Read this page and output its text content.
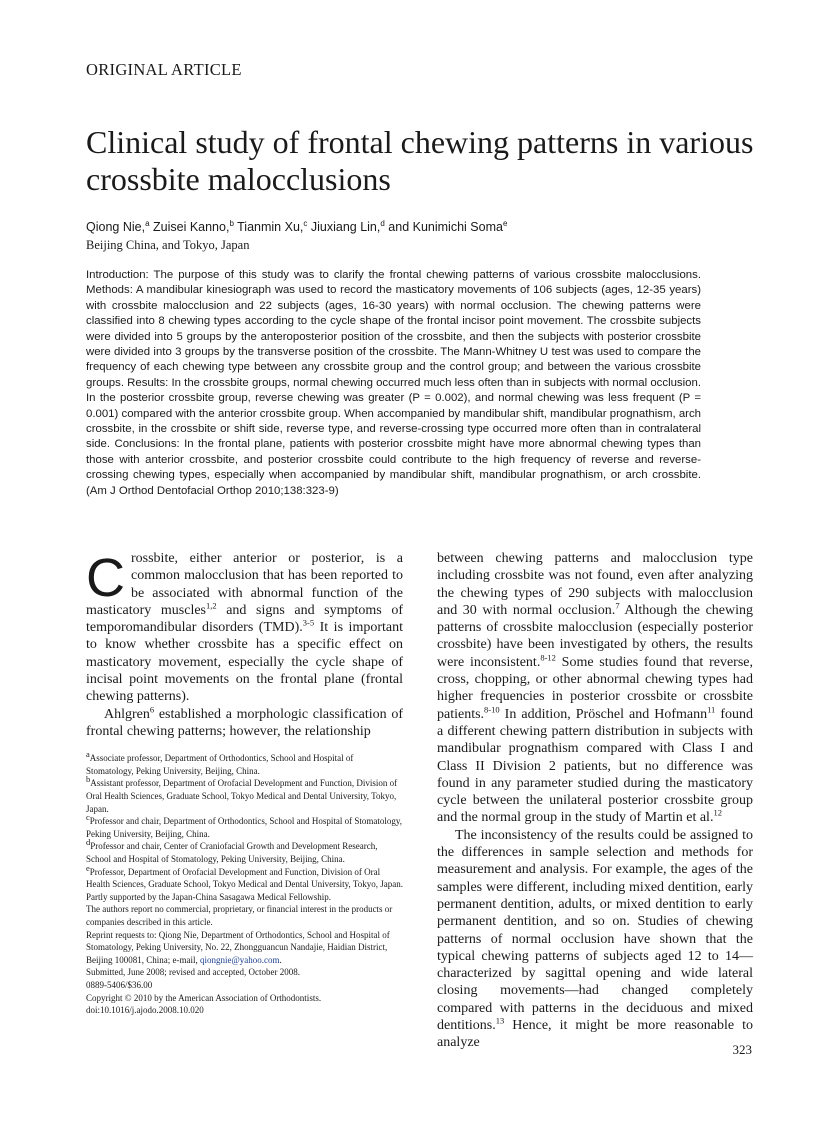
ORIGINAL ARTICLE
Clinical study of frontal chewing patterns in various crossbite malocclusions
Qiong Nie,$^a$ Zuisei Kanno,$^b$ Tianmin Xu,$^c$ Jiuxiang Lin,$^d$ and Kunimichi Soma$^e$
Beijing China, and Tokyo, Japan

Introduction: The purpose of this study was to clarify the frontal chewing patterns of various crossbite malocclusions. Methods: A mandibular kinesiograph was used to record the masticatory movements of 106 subjects (ages, 12-35 years) with crossbite malocclusion and 22 subjects (ages, 16-30 years) with normal occlusion. The chewing patterns were classified into 8 chewing types according to the cycle shape of the frontal incisor point movement. The crossbite subjects were divided into 5 groups by the anteroposterior position of the crossbite, and then the subjects with posterior crossbite were divided into 3 groups by the transverse position of the crossbite. The Mann-Whitney U test was used to compare the frequency of each chewing type between any crossbite group and the control group; and between the various crossbite groups. Results: In the crossbite groups, normal chewing occurred much less often than in subjects with normal occlusion. In the posterior crossbite group, reverse chewing was greater (P = 0.002), and normal chewing was less frequent (P = 0.001) compared with the anterior crossbite group. When accompanied by mandibular shift, mandibular prognathism, arch crossbite, in the crossbite or shift side, reverse type, and reverse-crossing type occurred more often than in contralateral side. Conclusions: In the frontal plane, patients with posterior crossbite might have more abnormal chewing types than those with anterior crossbite, and posterior crossbite could contribute to the high frequency of reverse and reverse-crossing chewing types, especially when accompanied by mandibular shift, mandibular prognathism, or arch crossbite. (Am J Orthod Dentofacial Orthop 2010;138:323-9)

Crossbite, either anterior or posterior, is a common malocclusion that has been reported to be associated with abnormal function of the masticatory muscles$^{1,2}$ and signs and symptoms of temporomandibular disorders (TMD).$^{3-5}$ It is important to know whether crossbite has a specific effect on masticatory movement, especially the cycle shape of incisal point movements on the frontal plane (frontal chewing patterns).

Ahlgren$^6$ established a morphologic classification of frontal chewing patterns; however, the relationship

$^a$Associate professor, Department of Orthodontics, School and Hospital of Stomatology, Peking University, Beijing, China.
$^b$Assistant professor, Department of Orofacial Development and Function, Division of Oral Health Sciences, Graduate School, Tokyo Medical and Dental University, Tokyo, Japan.
$^c$Professor and chair, Department of Orthodontics, School and Hospital of Stomatology, Peking University, Beijing, China.
$^d$Professor and chair, Center of Craniofacial Growth and Development Research, School and Hospital of Stomatology, Peking University, Beijing, China.
$^e$Professor, Department of Orofacial Development and Function, Division of Oral Health Sciences, Graduate School, Tokyo Medical and Dental University, Tokyo, Japan.
Partly supported by the Japan-China Sasagawa Medical Fellowship.
The authors report no commercial, proprietary, or financial interest in the products or companies described in this article.
Reprint requests to: Qiong Nie, Department of Orthodontics, School and Hospital of Stomatology, Peking University, No. 22, Zhongguancun Nandajie, Haidian District, Beijing 100081, China; e-mail, qiongnie@yahoo.com.
Submitted, June 2008; revised and accepted, October 2008.
0889-5406/$36.00
Copyright © 2010 by the American Association of Orthodontists.
doi:10.1016/j.ajodo.2008.10.020

between chewing patterns and malocclusion type including crossbite was not found, even after analyzing the chewing types of 290 subjects with malocclusion and 30 with normal occlusion.$^7$ Although the chewing patterns of crossbite malocclusion (especially posterior crossbite) have been investigated by others, the results were inconsistent.$^{8-12}$ Some studies found that reverse, cross, chopping, or other abnormal chewing types had higher frequencies in posterior crossbite or crossbite patients.$^{8-10}$ In addition, Pröschel and Hofmann$^{11}$ found a different chewing pattern distribution in subjects with mandibular prognathism compared with Class I and Class II Division 2 patients, but no difference was found in any parameter studied during the masticatory cycle between the unilateral posterior crossbite group and the normal group in the study of Martin et al.$^{12}$

The inconsistency of the results could be assigned to the differences in sample selection and methods for measurement and analysis. For example, the ages of the samples were different, including mixed dentition, early permanent dentition, adults, or mixed dentition to early permanent dentition, and so on. Studies of chewing patterns of normal occlusion have shown that the typical chewing patterns of subjects aged 12 to 14—characterized by sagittal opening and wide lateral closing movements—had changed completely compared with patterns in the deciduous and mixed dentitions.$^{13}$ Hence, it might be more reasonable to analyze	323
